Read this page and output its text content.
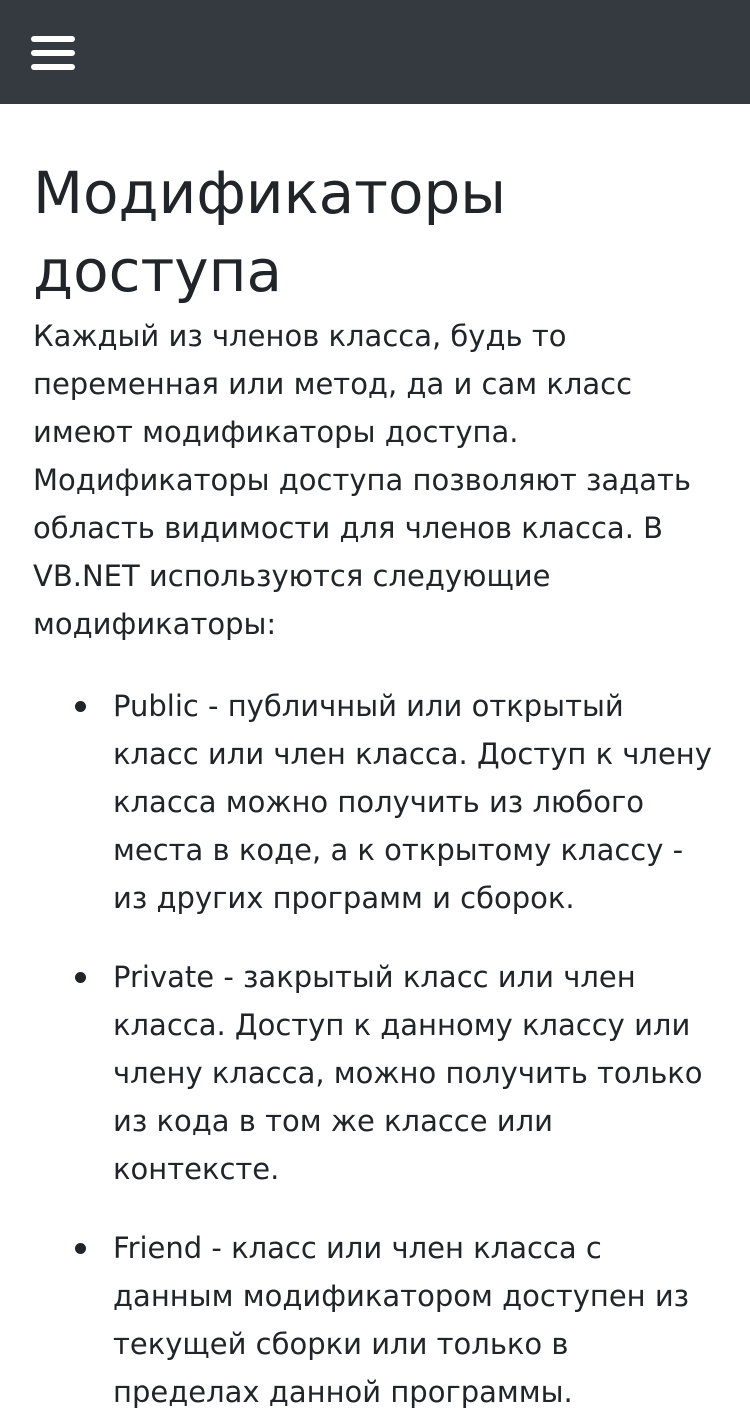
Модификаторы доступа

Каждый из членов класса, будь то переменная или метод, да и сам класс имеют модификаторы доступа. Модификаторы доступа позволяют задать область видимости для членов класса. В VB.NET используются следующие модификаторы:

Public - публичный или открытый класс или член класса. Доступ к члену класса можно получить из любого места в коде, а к открытому классу - из других программ и сборок.
Private - закрытый класс или член класса. Доступ к данному классу или члену класса, можно получить только из кода в том же классе или контексте.
Friend - класс или член класса с данным модификатором доступен из текущей сборки или только в пределах данной программы.
